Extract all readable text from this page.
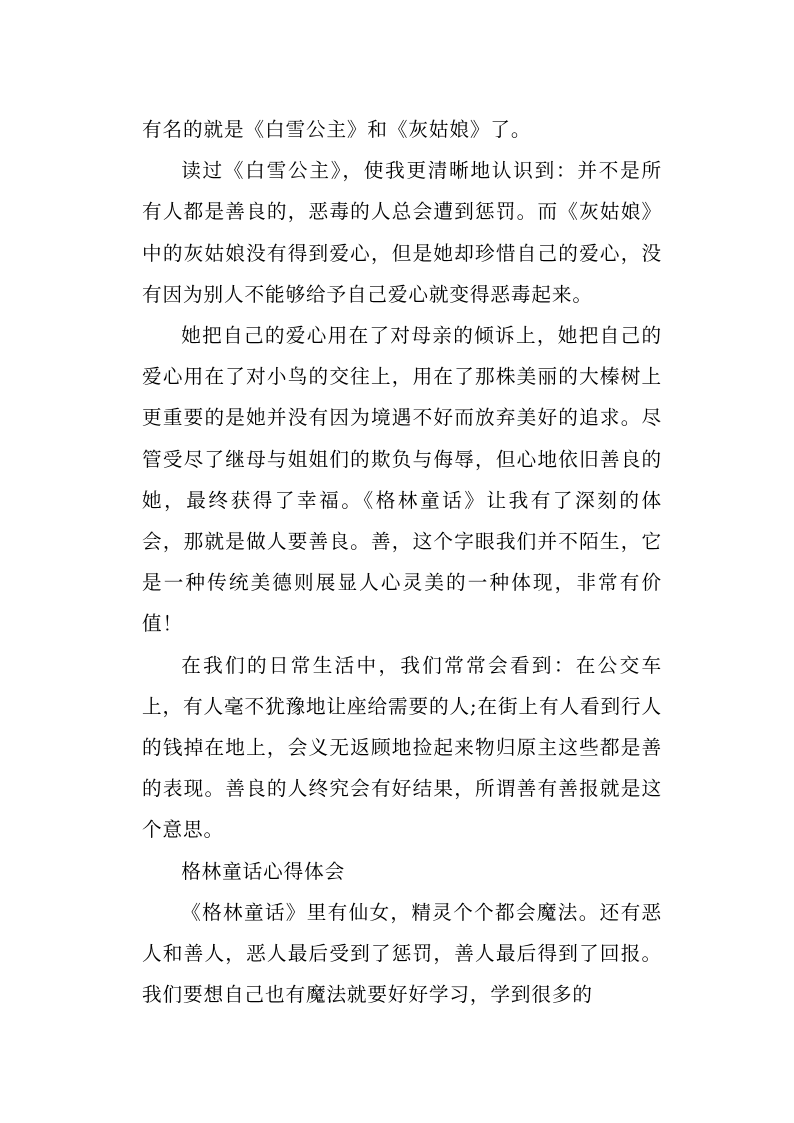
有名的就是《白雪公主》和《灰姑娘》了。

读过《白雪公主》，使我更清晰地认识到：并不是所有人都是善良的，恶毒的人总会遭到惩罚。而《灰姑娘》中的灰姑娘没有得到爱心，但是她却珍惜自己的爱心，没有因为别人不能够给予自己爱心就变得恶毒起来。

她把自己的爱心用在了对母亲的倾诉上，她把自己的爱心用在了对小鸟的交往上，用在了那株美丽的大榛树上更重要的是她并没有因为境遇不好而放弃美好的追求。尽管受尽了继母与姐姐们的欺负与侮辱，但心地依旧善良的她，最终获得了幸福。《格林童话》让我有了深刻的体会，那就是做人要善良。善，这个字眼我们并不陌生，它是一种传统美德则展显人心灵美的一种体现，非常有价值！

在我们的日常生活中，我们常常会看到：在公交车上，有人毫不犹豫地让座给需要的人;在街上有人看到行人的钱掉在地上，会义无返顾地捡起来物归原主这些都是善的表现。善良的人终究会有好结果，所谓善有善报就是这个意思。

格林童话心得体会

《格林童话》里有仙女，精灵个个都会魔法。还有恶人和善人，恶人最后受到了惩罚，善人最后得到了回报。我们要想自己也有魔法就要好好学习，学到很多的
